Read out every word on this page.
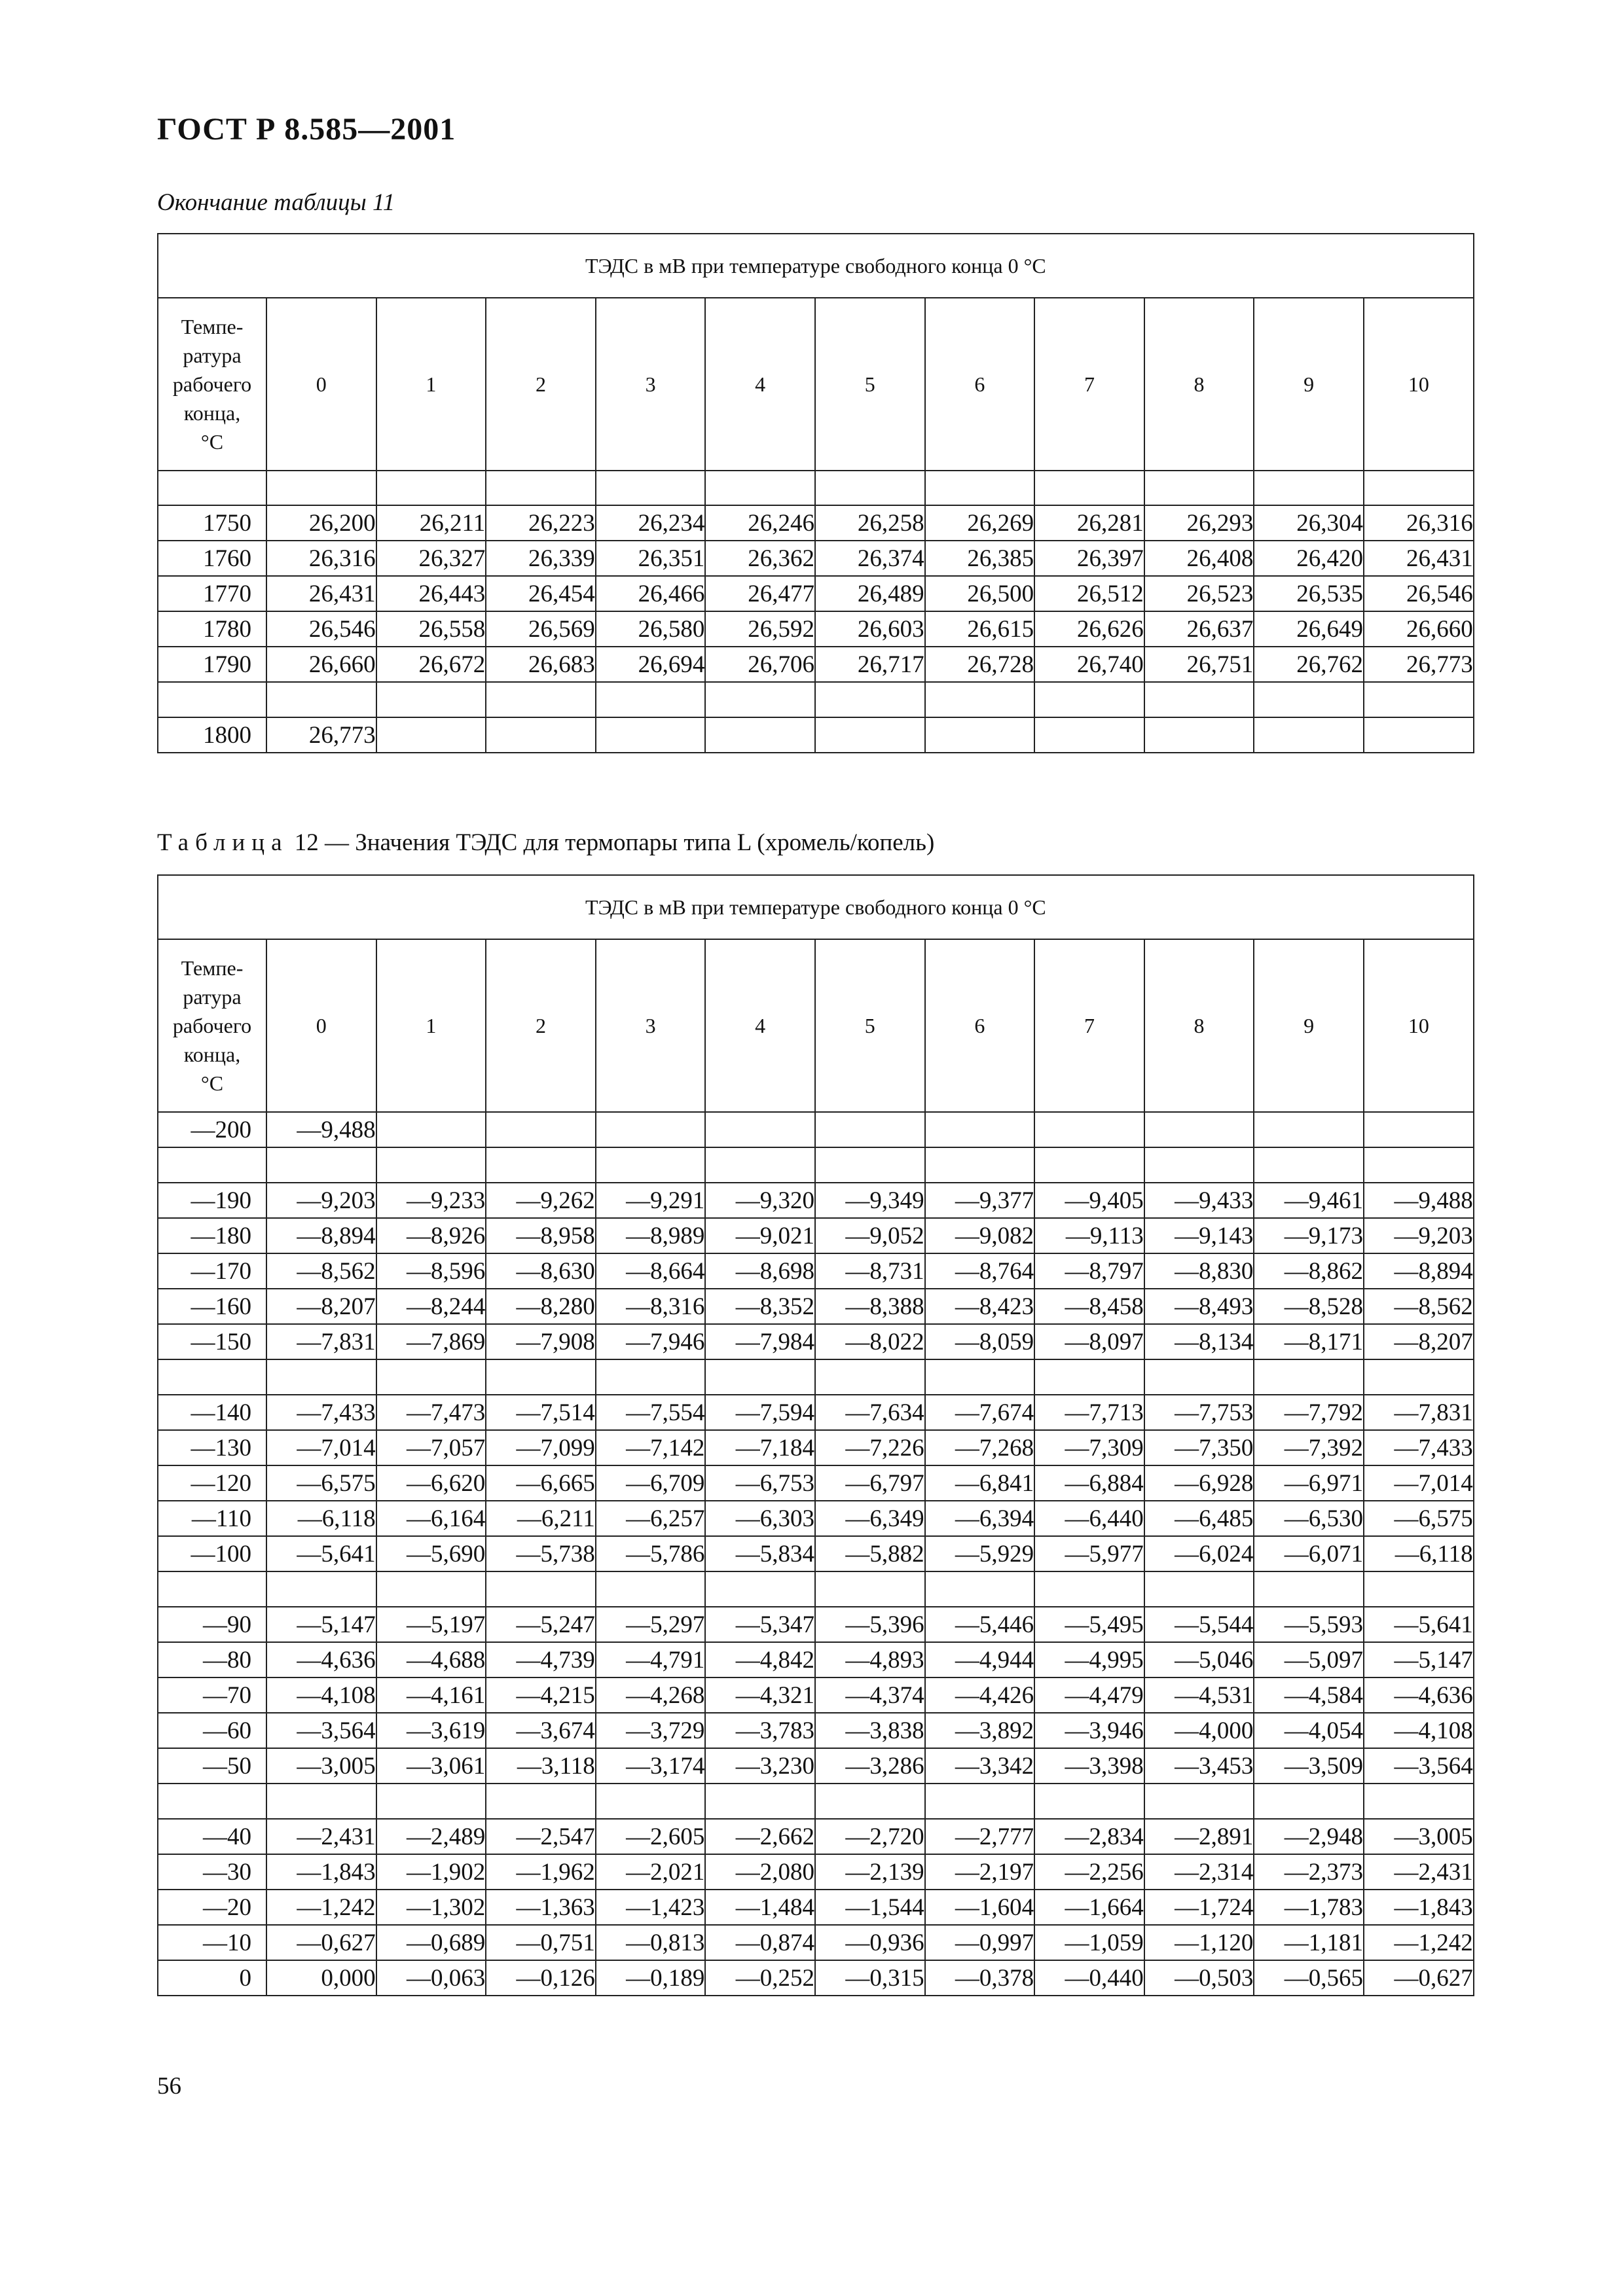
ГОСТ Р 8.585—2001
Окончание таблицы 11
ТЭДС в мВ при температуре свободного конца 0 °С											
Темпе-
ратура
рабочего
конца,
°С	0	1	2	3	4	5	6	7	8	9	10

1750	26,200	26,211	26,223	26,234	26,246	26,258	26,269	26,281	26,293	26,304	26,316
1760	26,316	26,327	26,339	26,351	26,362	26,374	26,385	26,397	26,408	26,420	26,431
1770	26,431	26,443	26,454	26,466	26,477	26,489	26,500	26,512	26,523	26,535	26,546
1780	26,546	26,558	26,569	26,580	26,592	26,603	26,615	26,626	26,637	26,649	26,660
1790	26,660	26,672	26,683	26,694	26,706	26,717	26,728	26,740	26,751	26,762	26,773

1800	26,773										
Таблица 12 — Значения ТЭДС для термопары типа L (хромель/копель)
ТЭДС в мВ при температуре свободного конца 0 °С											
Темпе-
ратура
рабочего
конца,
°С	0	1	2	3	4	5	6	7	8	9	10
—200	—9,488										

—190	—9,203	—9,233	—9,262	—9,291	—9,320	—9,349	—9,377	—9,405	—9,433	—9,461	—9,488
—180	—8,894	—8,926	—8,958	—8,989	—9,021	—9,052	—9,082	—9,113	—9,143	—9,173	—9,203
—170	—8,562	—8,596	—8,630	—8,664	—8,698	—8,731	—8,764	—8,797	—8,830	—8,862	—8,894
—160	—8,207	—8,244	—8,280	—8,316	—8,352	—8,388	—8,423	—8,458	—8,493	—8,528	—8,562
—150	—7,831	—7,869	—7,908	—7,946	—7,984	—8,022	—8,059	—8,097	—8,134	—8,171	—8,207

—140	—7,433	—7,473	—7,514	—7,554	—7,594	—7,634	—7,674	—7,713	—7,753	—7,792	—7,831
—130	—7,014	—7,057	—7,099	—7,142	—7,184	—7,226	—7,268	—7,309	—7,350	—7,392	—7,433
—120	—6,575	—6,620	—6,665	—6,709	—6,753	—6,797	—6,841	—6,884	—6,928	—6,971	—7,014
—110	—6,118	—6,164	—6,211	—6,257	—6,303	—6,349	—6,394	—6,440	—6,485	—6,530	—6,575
—100	—5,641	—5,690	—5,738	—5,786	—5,834	—5,882	—5,929	—5,977	—6,024	—6,071	—6,118

—90	—5,147	—5,197	—5,247	—5,297	—5,347	—5,396	—5,446	—5,495	—5,544	—5,593	—5,641
—80	—4,636	—4,688	—4,739	—4,791	—4,842	—4,893	—4,944	—4,995	—5,046	—5,097	—5,147
—70	—4,108	—4,161	—4,215	—4,268	—4,321	—4,374	—4,426	—4,479	—4,531	—4,584	—4,636
—60	—3,564	—3,619	—3,674	—3,729	—3,783	—3,838	—3,892	—3,946	—4,000	—4,054	—4,108
—50	—3,005	—3,061	—3,118	—3,174	—3,230	—3,286	—3,342	—3,398	—3,453	—3,509	—3,564

—40	—2,431	—2,489	—2,547	—2,605	—2,662	—2,720	—2,777	—2,834	—2,891	—2,948	—3,005
—30	—1,843	—1,902	—1,962	—2,021	—2,080	—2,139	—2,197	—2,256	—2,314	—2,373	—2,431
—20	—1,242	—1,302	—1,363	—1,423	—1,484	—1,544	—1,604	—1,664	—1,724	—1,783	—1,843
—10	—0,627	—0,689	—0,751	—0,813	—0,874	—0,936	—0,997	—1,059	—1,120	—1,181	—1,242
0	0,000	—0,063	—0,126	—0,189	—0,252	—0,315	—0,378	—0,440	—0,503	—0,565	—0,627
56
